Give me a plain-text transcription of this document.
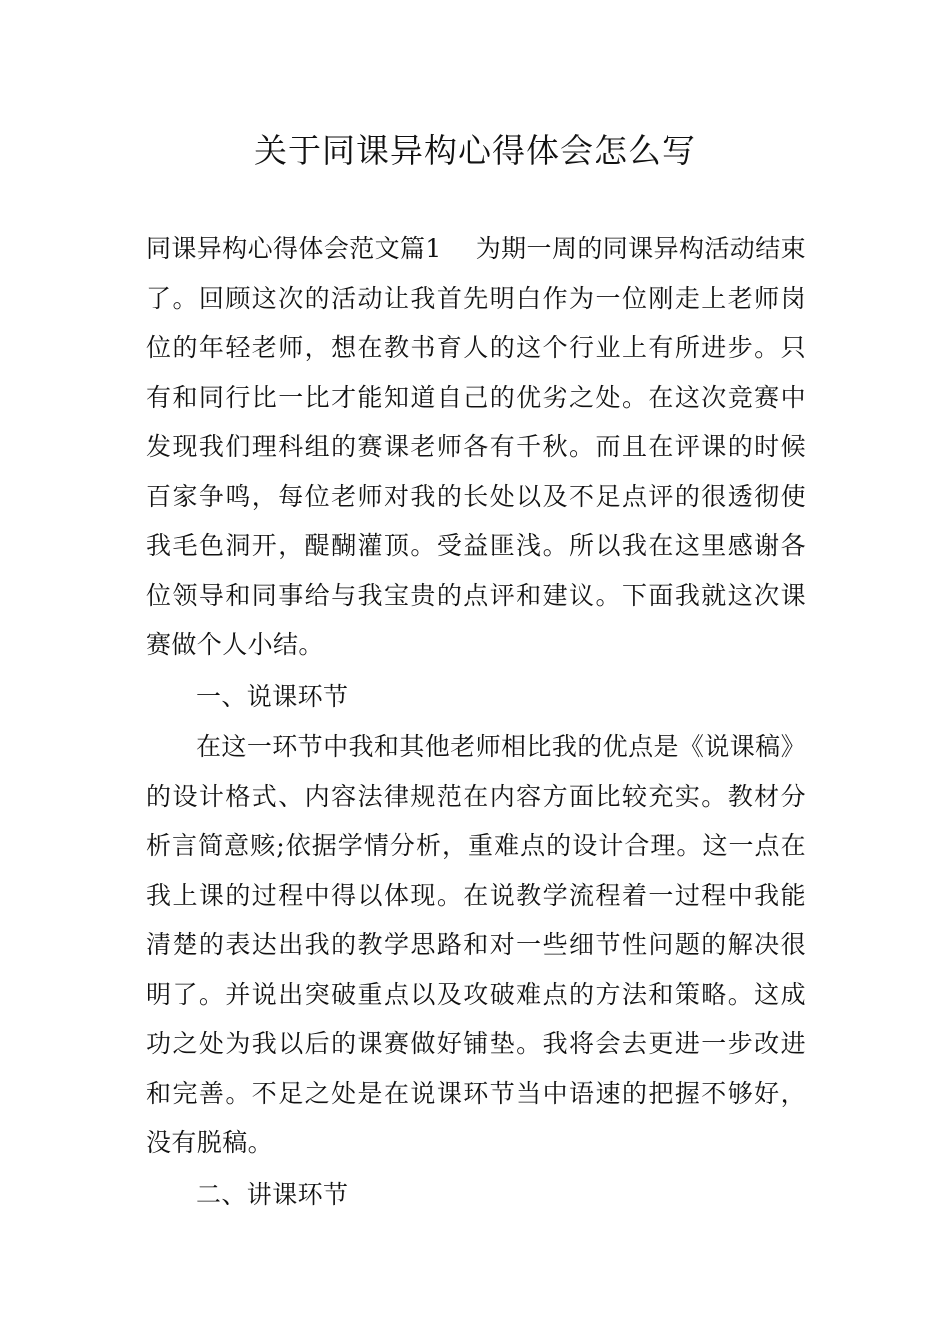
关于同课异构心得体会怎么写

同课异构心得体会范文篇1 为期一周的同课异构活动结束了。回顾这次的活动让我首先明白作为一位刚走上老师岗位的年轻老师，想在教书育人的这个行业上有所进步。只有和同行比一比才能知道自己的优劣之处。在这次竞赛中发现我们理科组的赛课老师各有千秋。而且在评课的时候百家争鸣，每位老师对我的长处以及不足点评的很透彻使我毛色洞开，醍醐灌顶。受益匪浅。所以我在这里感谢各位领导和同事给与我宝贵的点评和建议。下面我就这次课赛做个人小结。

一、说课环节

在这一环节中我和其他老师相比我的优点是《说课稿》的设计格式、内容法律规范在内容方面比较充实。教材分析言简意赅;依据学情分析，重难点的设计合理。这一点在我上课的过程中得以体现。在说教学流程着一过程中我能清楚的表达出我的教学思路和对一些细节性问题的解决很明了。并说出突破重点以及攻破难点的方法和策略。这成功之处为我以后的课赛做好铺垫。我将会去更进一步改进和完善。不足之处是在说课环节当中语速的把握不够好，没有脱稿。

二、讲课环节
